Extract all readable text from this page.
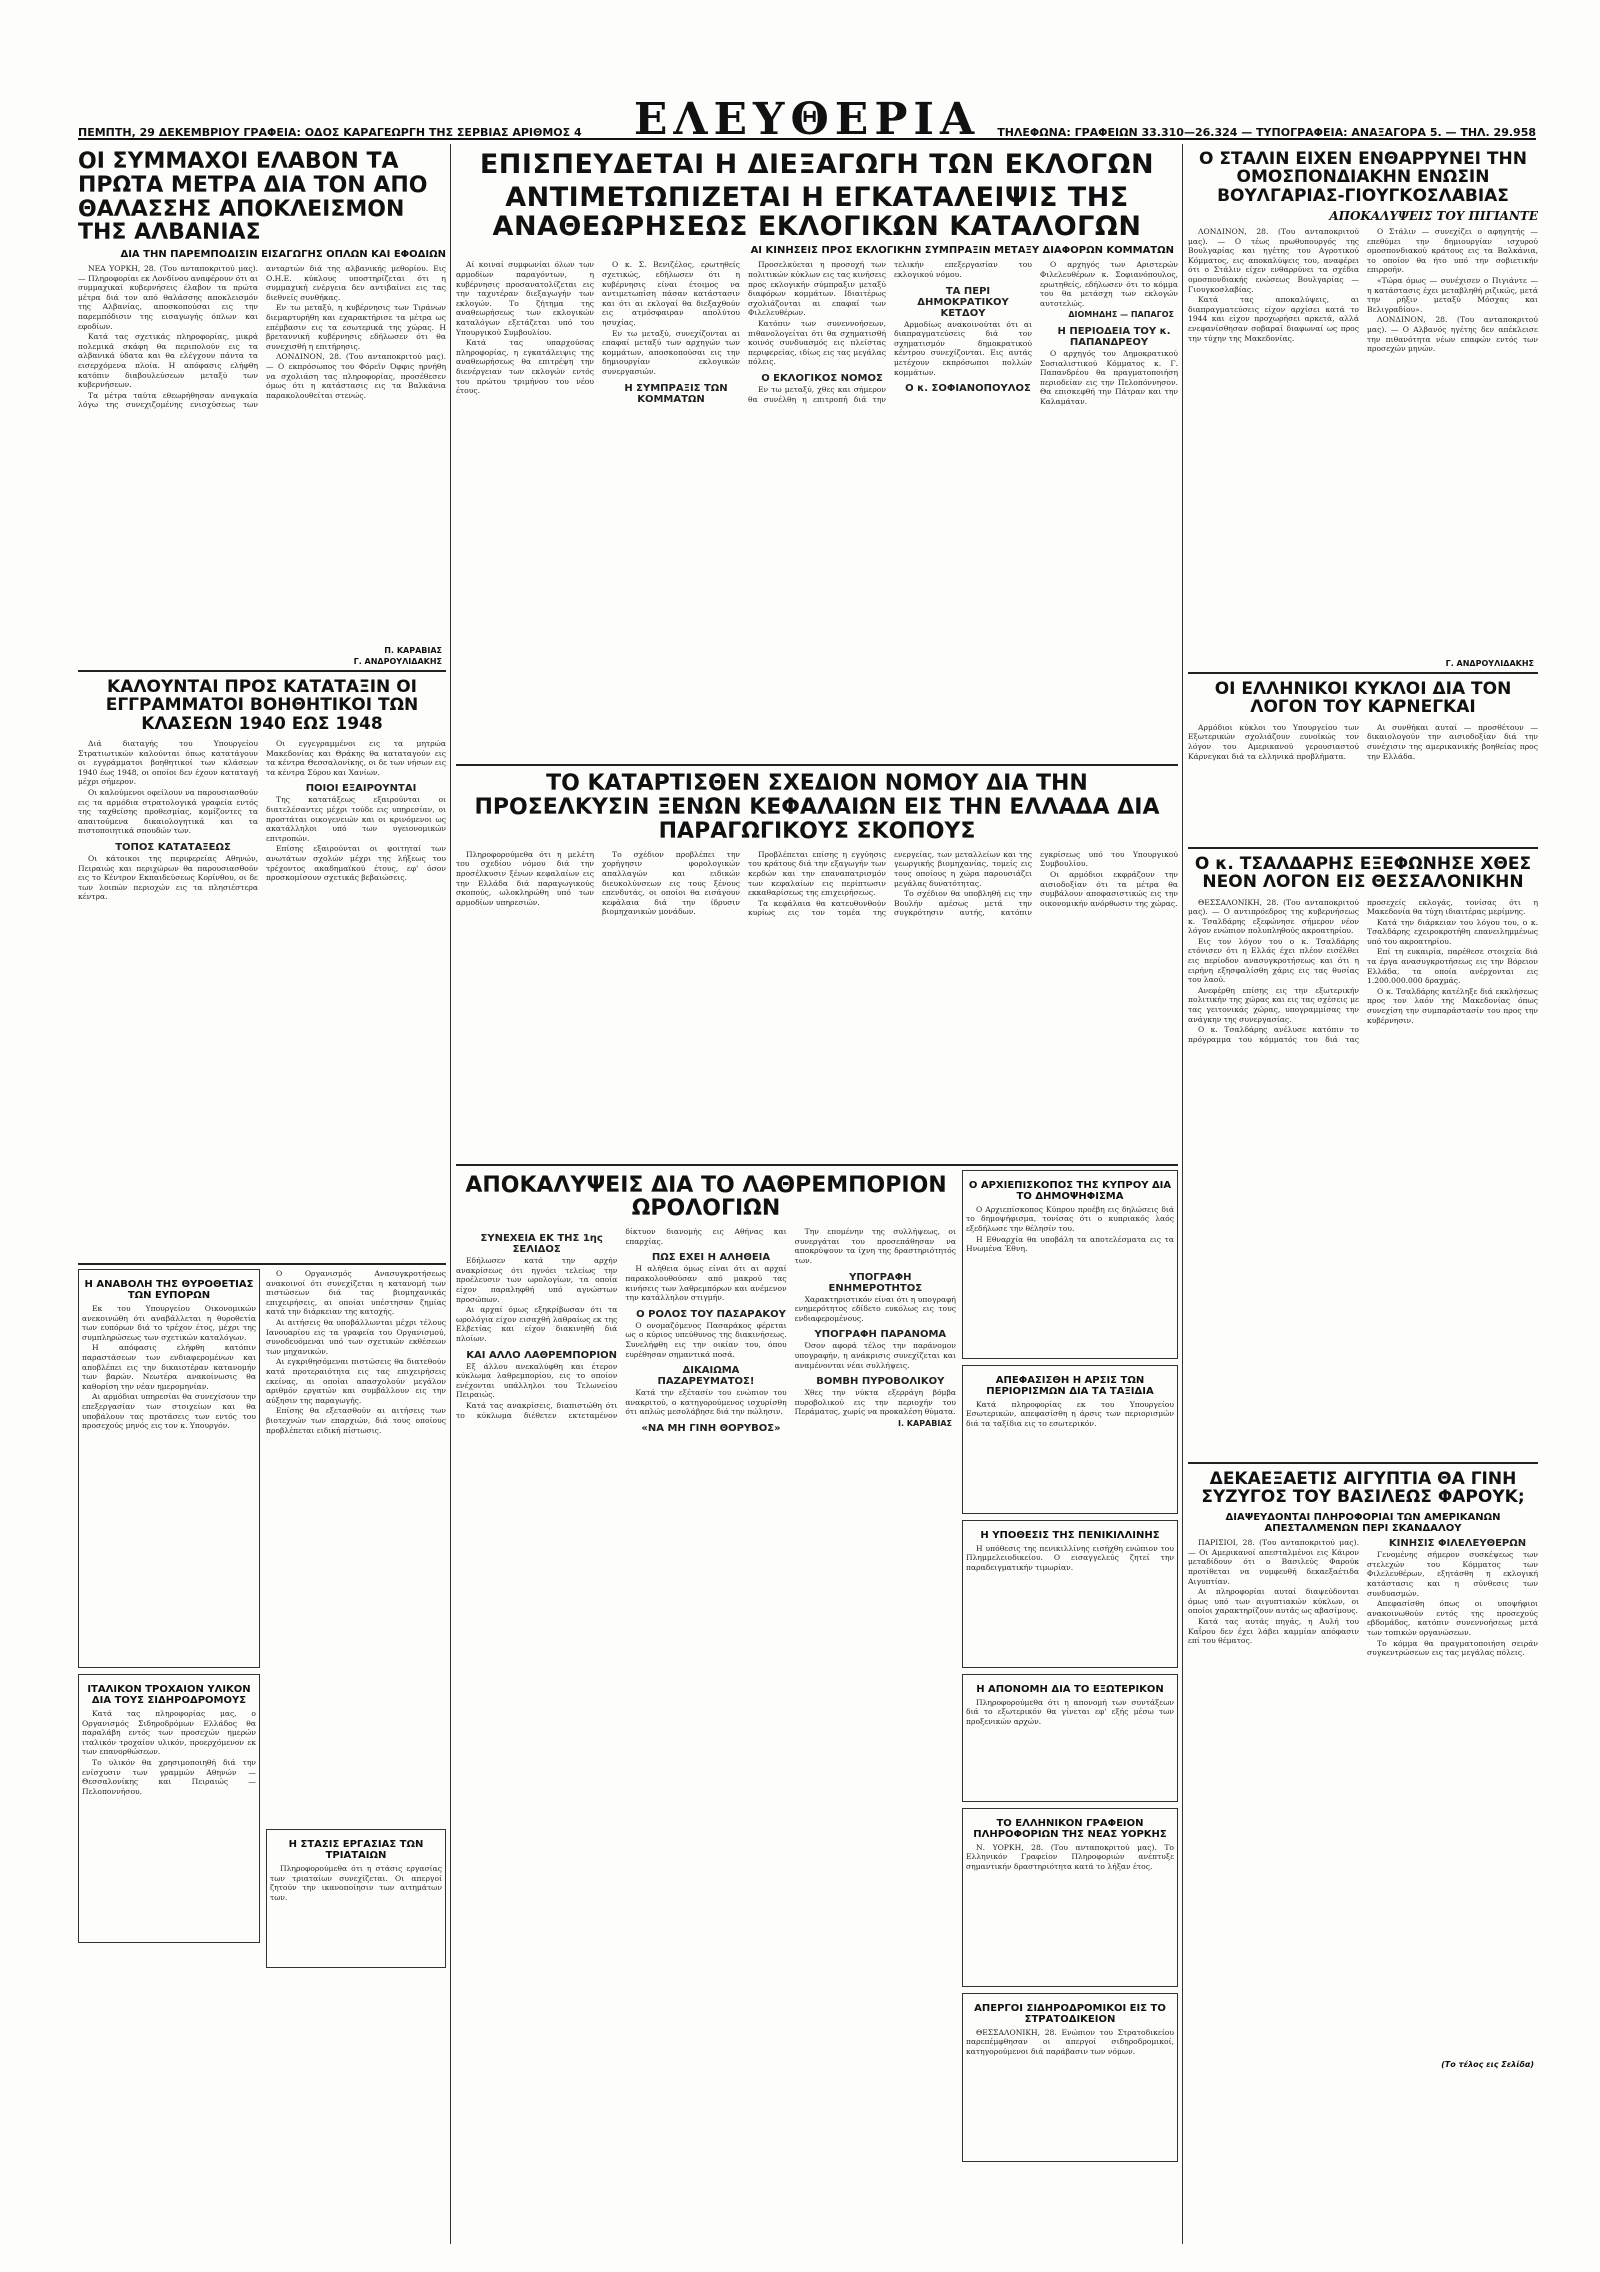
ΕΛΕΥΘΕΡΙΑ
ΠΕΜΠΤΗ, 29 ΔΕΚΕΜΒΡΙΟΥ ΓΡΑΦΕΙΑ: ΟΔΟΣ ΚΑΡΑΓΕΩΡΓΗ ΤΗΣ ΣΕΡΒΙΑΣ ΑΡΙΘΜΟΣ 4	ΤΗΛΕΦΩΝΑ: ΓΡΑΦΕΙΩΝ 33.310—26.324 — ΤΥΠΟΓΡΑΦΕΙΑ: ΑΝΑΞΑΓΟΡΑ 5. — ΤΗΛ. 29.958
ΟΙ ΣΥΜΜΑΧΟΙ ΕΛΑΒΟΝ ΤΑ ΠΡΩΤΑ ΜΕΤΡΑ ΔΙΑ ΤΟΝ ΑΠΟ ΘΑΛΑΣΣΗΣ ΑΠΟΚΛΕΙΣΜΟΝ ΤΗΣ ΑΛΒΑΝΙΑΣ
ΔΙΑ ΤΗΝ ΠΑΡΕΜΠΟΔΙΣΙΝ ΕΙΣΑΓΩΓΗΣ ΟΠΛΩΝ ΚΑΙ ΕΦΟΔΙΩΝ

ΝΕΑ ΥΟΡΚΗ, 28. (Του ανταποκριτού μας). — Πληροφορίαι εκ Λονδίνου αναφέρουν ότι αι συμμαχικαί κυβερνήσεις έλαβον τα πρώτα μέτρα διά τον από θαλάσσης αποκλεισμόν της Αλβανίας, αποσκοπούσαι εις την παρεμπόδισιν της εισαγωγής όπλων και εφοδίων.

Κατά τας σχετικάς πληροφορίας, μικρά πολεμικά σκάφη θα περιπολούν εις τα αλβανικά ύδατα και θα ελέγχουν πάντα τα εισερχόμενα πλοία. Η απόφασις ελήφθη κατόπιν διαβουλεύσεων μεταξύ των κυβερνήσεων.

Τα μέτρα ταύτα εθεωρήθησαν αναγκαία λόγω της συνεχιζομένης ενισχύσεως των ανταρτών διά της αλβανικής μεθορίου. Εις Ο.Η.Ε. κύκλους υποστηρίζεται ότι η συμμαχική ενέργεια δεν αντιβαίνει εις τας διεθνείς συνθήκας.

Εν τω μεταξύ, η κυβέρνησις των Τιράνων διεμαρτυρήθη και εχαρακτήρισε τα μέτρα ως επέμβασιν εις τα εσωτερικά της χώρας. Η βρεταννική κυβέρνησις εδήλωσεν ότι θα συνεχισθή η επιτήρησις.

ΛΟΝΔΙΝΟΝ, 28. (Του ανταποκριτού μας). — Ο εκπρόσωπος του Φόρεϊν Όφφις ηρνήθη να σχολιάση τας πληροφορίας, προσέθεσεν όμως ότι η κατάστασις εις τα Βαλκάνια παρακολουθείται στενώς.

Π. ΚΑΡΑΒΙΑΣ
Γ. ΑΝΔΡΟΥΛΙΔΑΚΗΣ
ΚΑΛΟΥΝΤΑΙ ΠΡΟΣ ΚΑΤΑΤΑΞΙΝ ΟΙ ΕΓΓΡΑΜΜΑΤΟΙ ΒΟΗΘΗΤΙΚΟΙ ΤΩΝ ΚΛΑΣΕΩΝ 1940 ΕΩΣ 1948

Διά διαταγής του Υπουργείου Στρατιωτικών καλούνται όπως κατατάγουν οι εγγράμματοι βοηθητικοί των κλάσεων 1940 έως 1948, οι οποίοι δεν έχουν καταταγή μέχρι σήμερον.

Οι καλούμενοι οφείλουν να παρουσιασθούν εις τα αρμόδια στρατολογικά γραφεία εντός της ταχθείσης προθεσμίας, κομίζοντες τα απαιτούμενα δικαιολογητικά και τα πιστοποιητικά σπουδών των.

ΤΟΠΟΣ ΚΑΤΑΤΑΞΕΩΣ

Οι κάτοικοι της περιφερείας Αθηνών, Πειραιώς και περιχώρων θα παρουσιασθούν εις το Κέντρον Εκπαιδεύσεως Κορίνθου, οι δε των λοιπών περιοχών εις τα πλησιέστερα κέντρα.

Οι εγγεγραμμένοι εις τα μητρώα Μακεδονίας και Θράκης θα καταταγούν εις τα κέντρα Θεσσαλονίκης, οι δε των νήσων εις τα κέντρα Σύρου και Χανίων.

ΠΟΙΟΙ ΕΞΑΙΡΟΥΝΤΑΙ

Της κατατάξεως εξαιρούνται οι διατελέσαντες μέχρι τούδε εις υπηρεσίαν, οι προστάται οικογενειών και οι κρινόμενοι ως ακατάλληλοι υπό των υγειονομικών επιτροπών.

Επίσης εξαιρούνται οι φοιτηταί των ανωτάτων σχολών μέχρι της λήξεως του τρέχοντος ακαδημαϊκού έτους, εφ' όσον προσκομίσουν σχετικάς βεβαιώσεις.

Η ΑΝΑΒΟΛΗ ΤΗΣ ΘΥΡΟΘΕΤΙΑΣ ΤΩΝ ΕΥΠΟΡΩΝ

Εκ του Υπουργείου Οικονομικών ανεκοινώθη ότι αναβάλλεται η θυροθετία των ευπόρων διά το τρέχον έτος, μέχρι της συμπληρώσεως των σχετικών καταλόγων.

Η απόφασις ελήφθη κατόπιν παραστάσεων των ενδιαφερομένων και αποβλέπει εις την δικαιοτέραν κατανομήν των βαρών. Νεωτέρα ανακοίνωσις θα καθορίση την νέαν ημερομηνίαν.

Αι αρμόδιαι υπηρεσίαι θα συνεχίσουν την επεξεργασίαν των στοιχείων και θα υποβάλουν τας προτάσεις των εντός του προσεχούς μηνός εις τον κ. Υπουργόν.

ΙΤΑΛΙΚΟΝ ΤΡΟΧΑΙΟΝ ΥΛΙΚΟΝ ΔΙΑ ΤΟΥΣ ΣΙΔΗΡΟΔΡΟΜΟΥΣ

Κατά τας πληροφορίας μας, ο Οργανισμός Σιδηροδρόμων Ελλάδος θα παραλάβη εντός των προσεχών ημερών ιταλικόν τροχαίον υλικόν, προερχόμενον εκ των επανορθώσεων.

Το υλικόν θα χρησιμοποιηθή διά την ενίσχυσιν των γραμμών Αθηνών — Θεσσαλονίκης και Πειραιώς — Πελοποννήσου.

Ο Οργανισμός Ανασυγκροτήσεως ανακοινοί ότι συνεχίζεται η κατανομή των πιστώσεων διά τας βιομηχανικάς επιχειρήσεις, αι οποίαι υπέστησαν ζημίας κατά την διάρκειαν της κατοχής.

Αι αιτήσεις θα υποβάλλωνται μέχρι τέλους Ιανουαρίου εις τα γραφεία του Οργανισμού, συνοδευόμεναι υπό των σχετικών εκθέσεων των μηχανικών.

Αι εγκριθησόμεναι πιστώσεις θα διατεθούν κατά προτεραιότητα εις τας επιχειρήσεις εκείνας, αι οποίαι απασχολούν μεγάλον αριθμόν εργατών και συμβάλλουν εις την αύξησιν της παραγωγής.

Επίσης θα εξετασθούν αι αιτήσεις των βιοτεχνών των επαρχιών, διά τους οποίους προβλέπεται ειδική πίστωσις.

Η ΣΤΑΣΙΣ ΕΡΓΑΣΙΑΣ ΤΩΝ ΤΡΙΑΤΑΙΩΝ

Πληροφορούμεθα ότι η στάσις εργασίας των τριαταίων συνεχίζεται. Οι απεργοί ζητούν την ικανοποίησιν των αιτημάτων των.

ΕΠΙΣΠΕΥΔΕΤΑΙ Η ΔΙΕΞΑΓΩΓΗ ΤΩΝ ΕΚΛΟΓΩΝ
ΑΝΤΙΜΕΤΩΠΙΖΕΤΑΙ Η ΕΓΚΑΤΑΛΕΙΨΙΣ ΤΗΣ ΑΝΑΘΕΩΡΗΣΕΩΣ ΕΚΛΟΓΙΚΩΝ ΚΑΤΑΛΟΓΩΝ
ΑΙ ΚΙΝΗΣΕΙΣ ΠΡΟΣ ΕΚΛΟΓΙΚΗΝ ΣΥΜΠΡΑΞΙΝ ΜΕΤΑΞΥ ΔΙΑΦΟΡΩΝ ΚΟΜΜΑΤΩΝ

Αί κοιναί συμφωνίαι όλων των αρμοδίων παραγόντων, η κυβέρνησις προσανατολίζεται εις την ταχυτέραν διεξαγωγήν των εκλογών. Το ζήτημα της αναθεωρήσεως των εκλογικών καταλόγων εξετάζεται υπό του Υπουργικού Συμβουλίου.

Κατά τας υπαρχούσας πληροφορίας, η εγκατάλειψις της αναθεωρήσεως θα επιτρέψη την διενέργειαν των εκλογών εντός του πρώτου τριμήνου του νέου έτους.

Ο κ. Σ. Βενιζέλος, ερωτηθείς σχετικώς, εδήλωσεν ότι η κυβέρνησις είναι έτοιμος να αντιμετωπίση πάσαν κατάστασιν και ότι αι εκλογαί θα διεξαχθούν εις ατμόσφαιραν απολύτου ησυχίας.

Εν τω μεταξύ, συνεχίζονται αι επαφαί μεταξύ των αρχηγών των κομμάτων, αποσκοπούσαι εις την δημιουργίαν εκλογικών συνεργασιών.

Η ΣΥΜΠΡΑΞΙΣ ΤΩΝ ΚΟΜΜΑΤΩΝ

Προσελκύεται η προσοχή των πολιτικών κύκλων εις τας κινήσεις προς εκλογικήν σύμπραξιν μεταξύ διαφόρων κομμάτων. Ιδιαιτέρως σχολιάζονται αι επαφαί των Φιλελευθέρων.

Κατόπιν των συνεννοήσεων, πιθανολογείται ότι θα σχηματισθή κοινός συνδυασμός εις πλείστας περιφερείας, ιδίως εις τας μεγάλας πόλεις.

Ο ΕΚΛΟΓΙΚΟΣ ΝΟΜΟΣ

Εν τω μεταξύ, χθες και σήμερον θα συνέλθη η επιτροπή διά την τελικήν επεξεργασίαν του εκλογικού νόμου.

ΤΑ ΠΕΡΙ ΔΗΜΟΚΡΑΤΙΚΟΥ ΚΕΤΔΟΥ

Αρμοδίως ανακοινούται ότι αι διαπραγματεύσεις διά τον σχηματισμόν δημοκρατικού κέντρου συνεχίζονται. Εις αυτάς μετέχουν εκπρόσωποι πολλών κομμάτων.

Ο κ. ΣΟΦΙΑΝΟΠΟΥΛΟΣ

Ο αρχηγός των Αριστερών Φιλελευθέρων κ. Σοφιανόπουλος, ερωτηθείς, εδήλωσεν ότι το κόμμα του θα μετάσχη των εκλογών αυτοτελώς.

ΔΙΟΜΗΔΗΣ — ΠΑΠΑΓΟΣ

Η ΠΕΡΙΟΔΕΙΑ ΤΟΥ κ. ΠΑΠΑΝΔΡΕΟΥ

Ο αρχηγός του Δημοκρατικού Σοσιαλιστικού Κόμματος κ. Γ. Παπανδρέου θα πραγματοποιήση περιοδείαν εις την Πελοπόννησον. Θα επισκεφθή την Πάτραν και την Καλαμάταν.

ΤΟ ΚΑΤΑΡΤΙΣΘΕΝ ΣΧΕΔΙΟΝ ΝΟΜΟΥ ΔΙΑ ΤΗΝ ΠΡΟΣΕΛΚΥΣΙΝ ΞΕΝΩΝ ΚΕΦΑΛΑΙΩΝ ΕΙΣ ΤΗΝ ΕΛΛΑΔΑ ΔΙΑ ΠΑΡΑΓΩΓΙΚΟΥΣ ΣΚΟΠΟΥΣ

Πληροφορούμεθα ότι η μελέτη του σχεδίου νόμου διά την προσέλκυσιν ξένων κεφαλαίων εις την Ελλάδα διά παραγωγικούς σκοπούς, ωλοκληρώθη υπό των αρμοδίων υπηρεσιών.

Το σχέδιον προβλέπει την χορήγησιν φορολογικών απαλλαγών και ειδικών διευκολύνσεων εις τους ξένους επενδυτάς, οι οποίοι θα εισάγουν κεφάλαια διά την ίδρυσιν βιομηχανικών μονάδων.

Προβλέπεται επίσης η εγγύησις του κράτους διά την εξαγωγήν των κερδών και την επαναπατρισμόν των κεφαλαίων εις περίπτωσιν εκκαθαρίσεως της επιχειρήσεως.

Τα κεφάλαια θα κατευθυνθούν κυρίως εις τον τομέα της ενεργείας, των μεταλλείων και της γεωργικής βιομηχανίας, τομείς εις τους οποίους η χώρα παρουσιάζει μεγάλας δυνατότητας.

Το σχέδιον θα υποβληθή εις την Βουλήν αμέσως μετά την συγκρότησιν αυτής, κατόπιν εγκρίσεως υπό του Υπουργικού Συμβουλίου.

Οι αρμόδιοι εκφράζουν την αισιοδοξίαν ότι τα μέτρα θα συμβάλουν αποφασιστικώς εις την οικονομικήν ανόρθωσιν της χώρας.

ΑΠΟΚΑΛΥΨΕΙΣ ΔΙΑ ΤΟ ΛΑΘΡΕΜΠΟΡΙΟΝ ΩΡΟΛΟΓΙΩΝ

ΣΥΝΕΧΕΙΑ ΕΚ ΤΗΣ 1ης ΣΕΛΙΔΟΣ

Εδήλωσεν κατά την αρχήν ανακρίσεως ότι ηγνόει τελείως την προέλευσιν των ωρολογίων, τα οποία είχον παραληφθή υπό αγνώστων προσώπων.

Αι αρχαί όμως εξηκρίβωσαν ότι τα ωρολόγια είχον εισαχθή λαθραίως εκ της Ελβετίας και είχον διακινηθή διά πλοίων.

ΚΑΙ ΑΛΛΟ ΛΑΘΡΕΜΠΟΡΙΟΝ

Εξ άλλου ανεκαλύφθη και έτερον κύκλωμα λαθρεμπορίου, εις το οποίον ενέχονται υπάλληλοι του Τελωνείου Πειραιώς.

Κατά τας ανακρίσεις, διαπιστώθη ότι το κύκλωμα διέθετεν εκτεταμένον δίκτυον διανομής εις Αθήνας και επαρχίας.

ΠΩΣ ΕΧΕΙ Η ΑΛΗΘΕΙΑ

Η αλήθεια όμως είναι ότι αι αρχαί παρακολουθούσαν από μακρού τας κινήσεις των λαθρεμπόρων και ανέμενον την κατάλληλον στιγμήν.

Ο ΡΟΛΟΣ ΤΟΥ ΠΑΣΑΡΑΚΟΥ

Ο ονομαζόμενος Πασαράκος φέρεται ως ο κύριος υπεύθυνος της διακινήσεως. Συνελήφθη εις την οικίαν του, όπου ευρέθησαν σημαντικά ποσά.

ΔΙΚΑΙΩΜΑ ΠΑΖΑΡΕΥΜΑΤΟΣ!

Κατά την εξέτασίν του ενώπιον του ανακριτού, ο κατηγορούμενος ισχυρίσθη ότι απλώς μεσολάβησε διά την πώλησιν.

«ΝΑ ΜΗ ΓΙΝΗ ΘΟΡΥΒΟΣ»

Την επομένην της συλλήψεως, οι συνεργάται του προσεπάθησαν να αποκρύψουν τα ίχνη της δραστηριότητός των.

ΥΠΟΓΡΑΦΗ ΕΝΗΜΕΡΟΤΗΤΟΣ

Χαρακτηριστικόν είναι ότι η υπογραφή ενημερότητος εδίδετο ευκόλως εις τους ενδιαφερομένους.

ΥΠΟΓΡΑΦΗ ΠΑΡΑΝΟΜΑ

Όσον αφορά τέλος την παράνομον υπογραφήν, η ανάκρισις συνεχίζεται και αναμένονται νέαι συλλήψεις.

ΒΟΜΒΗ ΠΥΡΟΒΟΛΙΚΟΥ

Χθες την νύκτα εξερράγη βόμβα πυροβολικού εις την περιοχήν του Περάματος, χωρίς να προκαλέση θύματα.

Ι. ΚΑΡΑΒΙΑΣ

Ο ΑΡΧΙΕΠΙΣΚΟΠΟΣ ΤΗΣ ΚΥΠΡΟΥ ΔΙΑ ΤΟ ΔΗΜΟΨΗΦΙΣΜΑ

Ο Αρχιεπίσκοπος Κύπρου προέβη εις δηλώσεις διά το δημοψήφισμα, τονίσας ότι ο κυπριακός λαός εξεδήλωσε την θέλησίν του.

Η Εθναρχία θα υποβάλη τα αποτελέσματα εις τα Ηνωμένα Έθνη.

ΑΠΕΦΑΣΙΣΘΗ Η ΑΡΣΙΣ ΤΩΝ ΠΕΡΙΟΡΙΣΜΩΝ ΔΙΑ ΤΑ ΤΑΞΙΔΙΑ

Κατά πληροφορίας εκ του Υπουργείου Εσωτερικών, απεφασίσθη η άρσις των περιορισμών διά τα ταξίδια εις το εσωτερικόν.

Η ΥΠΟΘΕΣΙΣ ΤΗΣ ΠΕΝΙΚΙΛΛΙΝΗΣ

Η υπόθεσις της πενικιλλίνης εισήχθη ενώπιον του Πλημμελειοδικείου. Ο εισαγγελεύς ζητεί την παραδειγματικήν τιμωρίαν.

Η ΑΠΟΝΟΜΗ ΔΙΑ ΤΟ ΕΞΩΤΕΡΙΚΟΝ

Πληροφορούμεθα ότι η απονομή των συντάξεων διά το εξωτερικόν θα γίνεται εφ' εξής μέσω των προξενικών αρχών.

ΤΟ ΕΛΛΗΝΙΚΟΝ ΓΡΑΦΕΙΟΝ ΠΛΗΡΟΦΟΡΙΩΝ ΤΗΣ ΝΕΑΣ ΥΟΡΚΗΣ

Ν. ΥΟΡΚΗ, 28. (Του ανταποκριτού μας). Το Ελληνικόν Γραφείον Πληροφοριών ανέπτυξε σημαντικήν δραστηριότητα κατά το λήξαν έτος.

ΑΠΕΡΓΟΙ ΣΙΔΗΡΟΔΡΟΜΙΚΟΙ ΕΙΣ ΤΟ ΣΤΡΑΤΟΔΙΚΕΙΟΝ

ΘΕΣΣΑΛΟΝΙΚΗ, 28. Ενώπιον του Στρατοδικείου παρεπέμφθησαν οι απεργοί σιδηροδρομικοί, κατηγορούμενοι διά παράβασιν των νόμων.

Ο ΣΤΑΛΙΝ ΕΙΧΕΝ ΕΝΘΑΡΡΥΝΕΙ ΤΗΝ ΟΜΟΣΠΟΝΔΙΑΚΗΝ ΕΝΩΣΙΝ ΒΟΥΛΓΑΡΙΑΣ-ΓΙΟΥΓΚΟΣΛΑΒΙΑΣ
ΑΠΟΚΑΛΥΨΕΙΣ ΤΟΥ ΠΙΓΙΑΝΤΕ

ΛΟΝΔΙΝΟΝ, 28. (Του ανταποκριτού μας). — Ο τέως πρωθυπουργός της Βουλγαρίας και ηγέτης του Αγροτικού Κόμματος, εις αποκαλύψεις του, αναφέρει ότι ο Στάλιν είχεν ενθαρρύνει τα σχέδια ομοσπονδιακής ενώσεως Βουλγαρίας — Γιουγκοσλαβίας.

Κατά τας αποκαλύψεις, αι διαπραγματεύσεις είχον αρχίσει κατά το 1944 και είχον προχωρήσει αρκετά, αλλά ενεφανίσθησαν σοβαραί διαφωναί ως προς την τύχην της Μακεδονίας.

Ο Στάλιν — συνεχίζει ο αφηγητής — επεθύμει την δημιουργίαν ισχυρού ομοσπονδιακού κράτους εις τα Βαλκάνια, το οποίον θα ήτο υπό την σοβιετικήν επιρροήν.

«Τώρα όμως — συνέχισεν ο Πιγιάντε — η κατάστασις έχει μεταβληθή ριζικώς, μετά την ρήξιν μεταξύ Μόσχας και Βελιγραδίου».

ΛΟΝΔΙΝΟΝ, 28. (Του ανταποκριτού μας). — Ο Αλβανός ηγέτης δεν απέκλεισε την πιθανότητα νέων επαφών εντός των προσεχών μηνών.

Γ. ΑΝΔΡΟΥΛΙΔΑΚΗΣ
ΟΙ ΕΛΛΗΝΙΚΟΙ ΚΥΚΛΟΙ ΔΙΑ ΤΟΝ ΛΟΓΟΝ ΤΟΥ ΚΑΡΝΕΓΚΑΙ

Αρμόδιοι κύκλοι του Υπουργείου των Εξωτερικών σχολιάζουν ευνοϊκώς τον λόγον του Αμερικανού γερουσιαστού Κάρνεγκαι διά τα ελληνικά προβλήματα.

Αι συνθήκαι αυταί — προσθέτουν — δικαιολογούν την αισιοδοξίαν διά την συνέχισιν της αμερικανικής βοηθείας προς την Ελλάδα.

Ο κ. ΤΣΑΛΔΑΡΗΣ ΕΞΕΦΩΝΗΣΕ ΧΘΕΣ ΝΕΟΝ ΛΟΓΟΝ ΕΙΣ ΘΕΣΣΑΛΟΝΙΚΗΝ

ΘΕΣΣΑΛΟΝΙΚΗ, 28. (Του ανταποκριτού μας). — Ο αντιπρόεδρος της κυβερνήσεως κ. Τσαλδάρης εξεφώνησε σήμερον νέον λόγον ενώπιον πολυπληθούς ακροατηρίου.

Εις τον λόγον του ο κ. Τσαλδάρης ετόνισεν ότι η Ελλάς έχει πλέον εισέλθει εις περίοδον ανασυγκροτήσεως και ότι η ειρήνη εξησφαλίσθη χάρις εις τας θυσίας του λαού.

Ανεφέρθη επίσης εις την εξωτερικήν πολιτικήν της χώρας και εις τας σχέσεις με τας γειτονικάς χώρας, υπογραμμίσας την ανάγκην της συνεργασίας.

Ο κ. Τσαλδάρης ανέλυσε κατόπιν το πρόγραμμα του κόμματός του διά τας προσεχείς εκλογάς, τονίσας ότι η Μακεδονία θα τύχη ιδιαιτέρας μερίμνης.

Κατά την διάρκειαν του λόγου του, ο κ. Τσαλδάρης εχειροκροτήθη επανειλημμένως υπό του ακροατηρίου.

Επί τη ευκαιρία, παρέθεσε στοιχεία διά τα έργα ανασυγκροτήσεως εις την Βόρειον Ελλάδα, τα οποία ανέρχονται εις 1.200.000.000 δραχμάς.

Ο κ. Τσαλδάρης κατέληξε διά εκκλήσεως προς τον λαόν της Μακεδονίας όπως συνεχίση την συμπαράστασίν του προς την κυβέρνησιν.

ΔΕΚΑΕΞΑΕΤΙΣ ΑΙΓΥΠΤΙΑ ΘΑ ΓΙΝΗ ΣΥΖΥΓΟΣ ΤΟΥ ΒΑΣΙΛΕΩΣ ΦΑΡΟΥΚ;
ΔΙΑΨΕΥΔΟΝΤΑΙ ΠΛΗΡΟΦΟΡΙΑΙ ΤΩΝ ΑΜΕΡΙΚΑΝΩΝ ΑΠΕΣΤΑΛΜΕΝΩΝ ΠΕΡΙ ΣΚΑΝΔΑΛΟΥ

ΠΑΡΙΣΙΟΙ, 28. (Του ανταποκριτού μας). — Οι Αμερικανοί απεσταλμένοι εις Κάιρον μεταδίδουν ότι ο Βασιλεύς Φαρούκ προτίθεται να νυμφευθή δεκαεξαέτιδα Αιγυπτίαν.

Αι πληροφορίαι αυταί διαψεύδονται όμως υπό των αιγυπτιακών κύκλων, οι οποίοι χαρακτηρίζουν αυτάς ως αβασίμους.

Κατά τας αυτάς πηγάς, η Αυλή του Καΐρου δεν έχει λάβει καμμίαν απόφασιν επί του θέματος.

ΚΙΝΗΣΙΣ ΦΙΛΕΛΕΥΘΕΡΩΝ

Γενομένης σήμερον συσκέψεως των στελεχών του Κόμματος των Φιλελευθέρων, εξητάσθη η εκλογική κατάστασις και η σύνθεσις των συνδυασμών.

Απεφασίσθη όπως οι υποψήφιοι ανακοινωθούν εντός της προσεχούς εβδομάδος, κατόπιν συνεννοήσεως μετά των τοπικών οργανώσεων.

Το κόμμα θα πραγματοποιήση σειράν συγκεντρώσεων εις τας μεγάλας πόλεις.

(Το τέλος εις Σελίδα)
